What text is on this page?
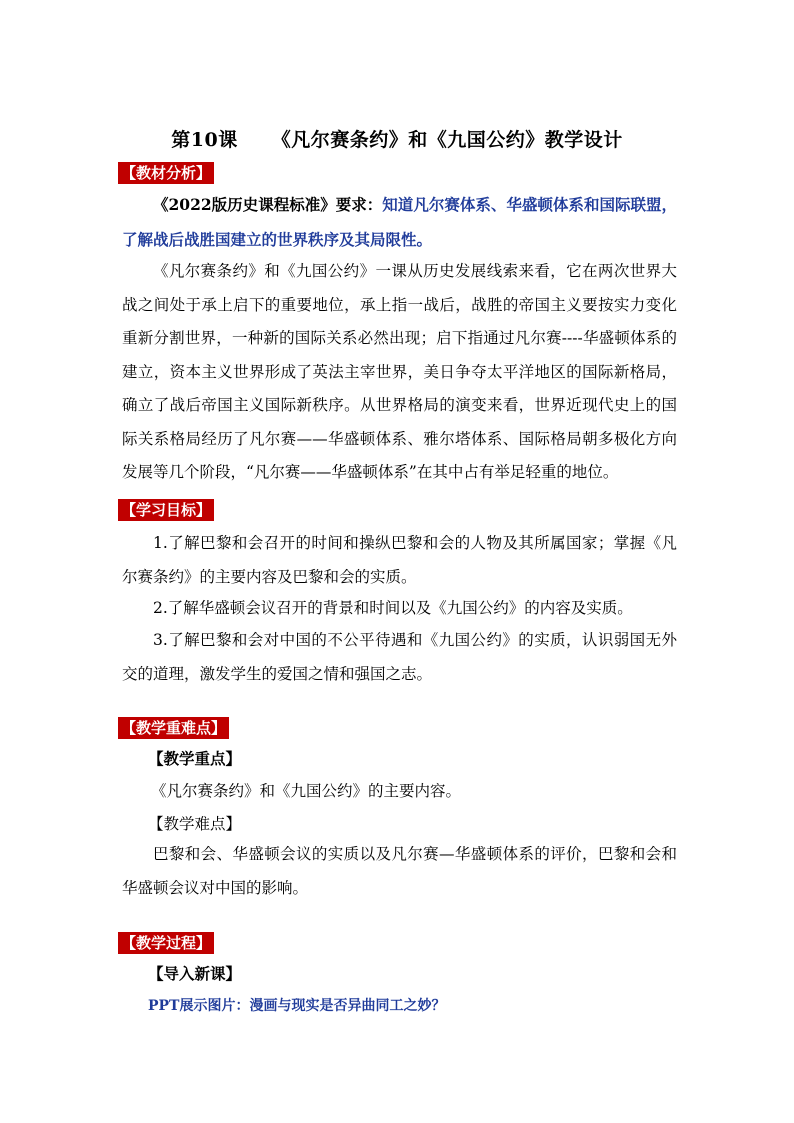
第10课 《凡尔赛条约》和《九国公约》教学设计
【教材分析】
《2022版历史课程标准》要求：知道凡尔赛体系、华盛顿体系和国际联盟，了解战后战胜国建立的世界秩序及其局限性。
《凡尔赛条约》和《九国公约》一课从历史发展线索来看，它在两次世界大战之间处于承上启下的重要地位，承上指一战后，战胜的帝国主义要按实力变化重新分割世界，一种新的国际关系必然出现；启下指通过凡尔赛----华盛顿体系的建立，资本主义世界形成了英法主宰世界，美日争夺太平洋地区的国际新格局，确立了战后帝国主义国际新秩序。从世界格局的演变来看，世界近现代史上的国际关系格局经历了凡尔赛——华盛顿体系、雅尔塔体系、国际格局朝多极化方向发展等几个阶段，“凡尔赛——华盛顿体系”在其中占有举足轻重的地位。
【学习目标】
1.了解巴黎和会召开的时间和操纵巴黎和会的人物及其所属国家；掌握《凡尔赛条约》的主要内容及巴黎和会的实质。
2.了解华盛顿会议召开的背景和时间以及《九国公约》的内容及实质。
3.了解巴黎和会对中国的不公平待遇和《九国公约》的实质，认识弱国无外交的道理，激发学生的爱国之情和强国之志。
【教学重难点】
【教学重点】
《凡尔赛条约》和《九国公约》的主要内容。
【教学难点】
巴黎和会、华盛顿会议的实质以及凡尔赛—华盛顿体系的评价，巴黎和会和华盛顿会议对中国的影响。
【教学过程】
【导入新课】
PPT展示图片：漫画与现实是否异曲同工之妙？
